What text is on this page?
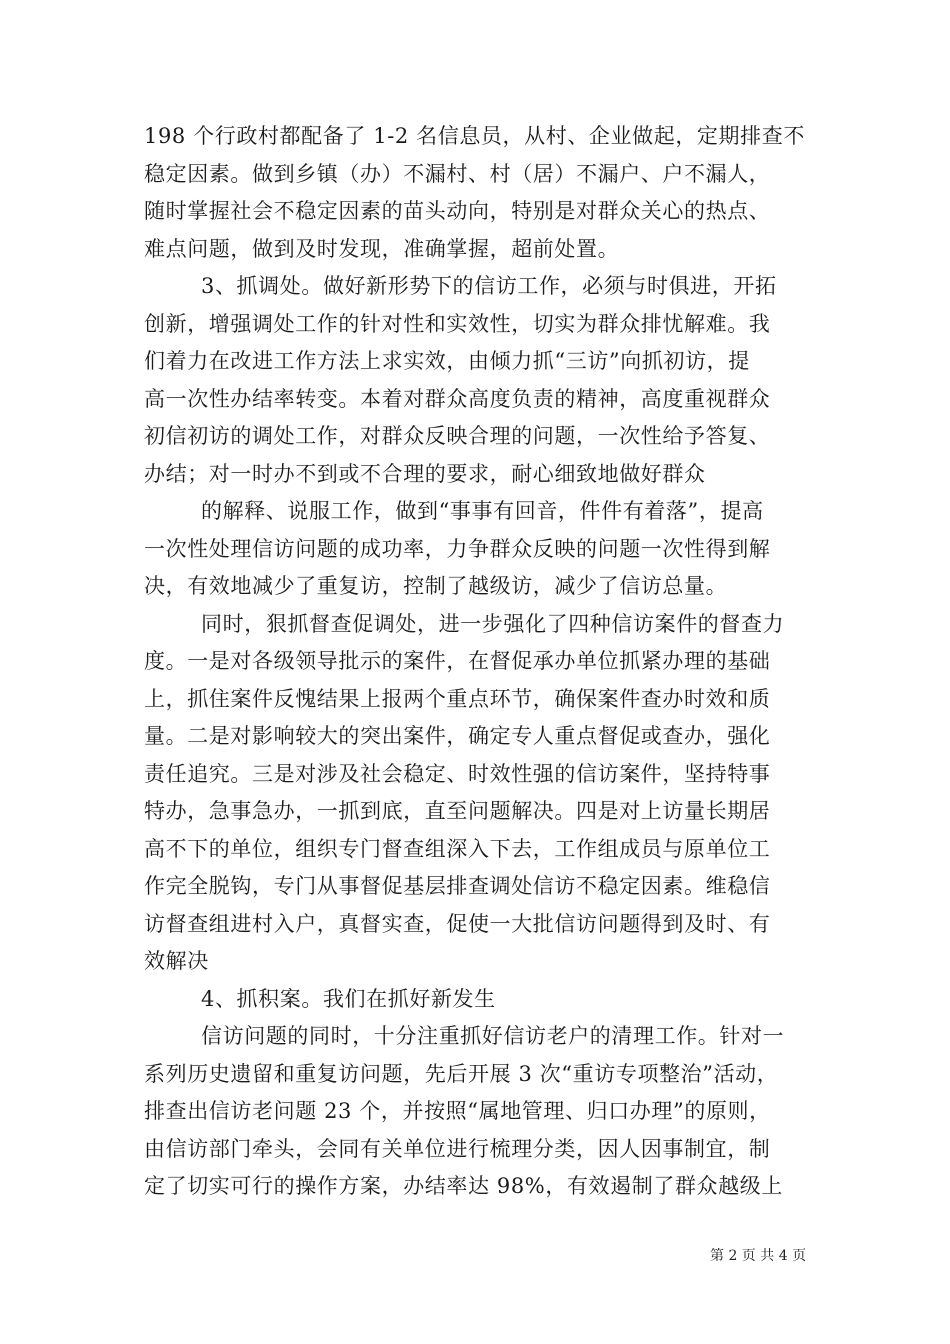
198 个行政村都配备了 1-2 名信息员，从村、企业做起，定期排查不
稳定因素。做到乡镇（办）不漏村、村（居）不漏户、户不漏人，
随时掌握社会不稳定因素的苗头动向，特别是对群众关心的热点、
难点问题，做到及时发现，准确掌握，超前处置。
3、抓调处。做好新形势下的信访工作，必须与时俱进，开拓
创新，增强调处工作的针对性和实效性，切实为群众排忧解难。我
们着力在改进工作方法上求实效，由倾力抓“三访”向抓初访，提
高一次性办结率转变。本着对群众高度负责的精神，高度重视群众
初信初访的调处工作，对群众反映合理的问题，一次性给予答复、
办结；对一时办不到或不合理的要求，耐心细致地做好群众
的解释、说服工作，做到“事事有回音，件件有着落”，提高
一次性处理信访问题的成功率，力争群众反映的问题一次性得到解
决，有效地减少了重复访，控制了越级访，减少了信访总量。
同时，狠抓督查促调处，进一步强化了四种信访案件的督查力
度。一是对各级领导批示的案件，在督促承办单位抓紧办理的基础
上，抓住案件反愧结果上报两个重点环节，确保案件查办时效和质
量。二是对影响较大的突出案件，确定专人重点督促或查办，强化
责任追究。三是对涉及社会稳定、时效性强的信访案件，坚持特事
特办，急事急办，一抓到底，直至问题解决。四是对上访量长期居
高不下的单位，组织专门督查组深入下去，工作组成员与原单位工
作完全脱钩，专门从事督促基层排查调处信访不稳定因素。维稳信
访督查组进村入户，真督实查，促使一大批信访问题得到及时、有
效解决
4、抓积案。我们在抓好新发生
信访问题的同时，十分注重抓好信访老户的清理工作。针对一
系列历史遗留和重复访问题，先后开展 3 次“重访专项整治”活动，
排查出信访老问题 23 个，并按照“属地管理、归口办理”的原则，
由信访部门牵头，会同有关单位进行梳理分类，因人因事制宜，制
定了切实可行的操作方案，办结率达 98%，有效遏制了群众越级上
第 2 页 共 4 页
